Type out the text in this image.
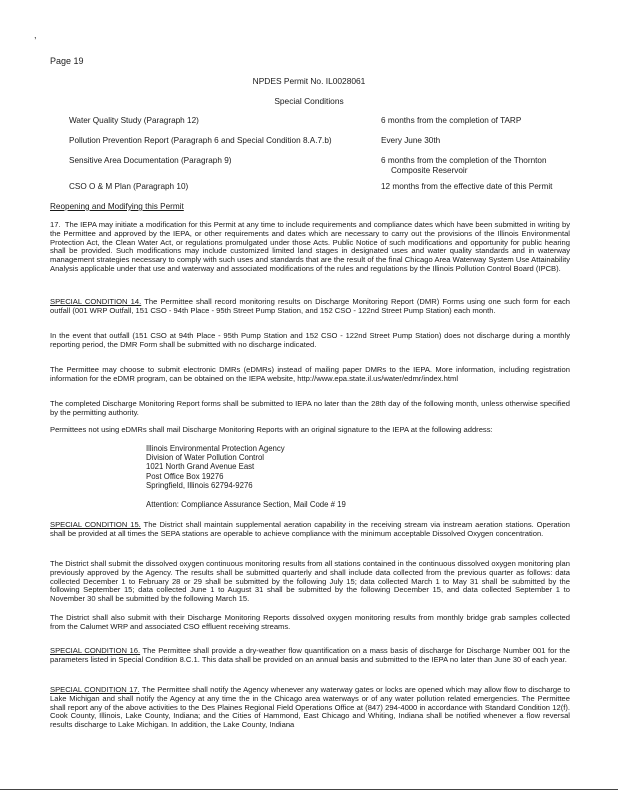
,
Page 19
NPDES Permit No. IL0028061
Special Conditions
Water Quality Study (Paragraph 12)	6 months from the completion of TARP
Pollution Prevention Report (Paragraph 6 and Special Condition 8.A.7.b)	Every June 30th
Sensitive Area Documentation (Paragraph 9)	6 months from the completion of the Thornton
Composite Reservoir
CSO O & M Plan (Paragraph 10)	12 months from the effective date of this Permit
Reopening and Modifying this Permit

17. The IEPA may initiate a modification for this Permit at any time to include requirements and compliance dates which have been submitted in writing by the Permittee and approved by the IEPA, or other requirements and dates which are necessary to carry out the provisions of the Illinois Environmental Protection Act, the Clean Water Act, or regulations promulgated under those Acts. Public Notice of such modifications and opportunity for public hearing shall be provided. Such modifications may include customized limited land stages in designated uses and water quality standards and in waterway management strategies necessary to comply with such uses and standards that are the result of the final Chicago Area Waterway System Use Attainability Analysis applicable under that use and waterway and associated modifications of the rules and regulations by the Illinois Pollution Control Board (IPCB).

SPECIAL CONDITION 14. The Permittee shall record monitoring results on Discharge Monitoring Report (DMR) Forms using one such form for each outfall (001 WRP Outfall, 151 CSO - 94th Place - 95th Street Pump Station, and 152 CSO - 122nd Street Pump Station) each month.

In the event that outfall (151 CSO at 94th Place - 95th Pump Station and 152 CSO - 122nd Street Pump Station) does not discharge during a monthly reporting period, the DMR Form shall be submitted with no discharge indicated.
The Permittee may choose to submit electronic DMRs (eDMRs) instead of mailing paper DMRs to the IEPA. More information, including registration information for the eDMR program, can be obtained on the IEPA website, http://www.epa.state.il.us/water/edmr/index.html
The completed Discharge Monitoring Report forms shall be submitted to IEPA no later than the 28th day of the following month, unless otherwise specified by the permitting authority.
Permittees not using eDMRs shall mail Discharge Monitoring Reports with an original signature to the IEPA at the following address:
Illinois Environmental Protection Agency
Division of Water Pollution Control
1021 North Grand Avenue East
Post Office Box 19276
Springfield, Illinois 62794-9276
Attention: Compliance Assurance Section, Mail Code # 19

SPECIAL CONDITION 15. The District shall maintain supplemental aeration capability in the receiving stream via instream aeration stations. Operation shall be provided at all times the SEPA stations are operable to achieve compliance with the minimum acceptable Dissolved Oxygen concentration.

The District shall submit the dissolved oxygen continuous monitoring results from all stations contained in the continuous dissolved oxygen monitoring plan previously approved by the Agency. The results shall be submitted quarterly and shall include data collected from the previous quarter as follows: data collected December 1 to February 28 or 29 shall be submitted by the following July 15; data collected March 1 to May 31 shall be submitted by the following September 15; data collected June 1 to August 31 shall be submitted by the following December 15, and data collected September 1 to November 30 shall be submitted by the following March 15.
The District shall also submit with their Discharge Monitoring Reports dissolved oxygen monitoring results from monthly bridge grab samples collected from the Calumet WRP and associated CSO effluent receiving streams.

SPECIAL CONDITION 16. The Permittee shall provide a dry-weather flow quantification on a mass basis of discharge for Discharge Number 001 for the parameters listed in Special Condition 8.C.1. This data shall be provided on an annual basis and submitted to the IEPA no later than June 30 of each year.

SPECIAL CONDITION 17. The Permittee shall notify the Agency whenever any waterway gates or locks are opened which may allow flow to discharge to Lake Michigan and shall notify the Agency at any time the in the Chicago area waterways or of any water pollution related emergencies. The Permittee shall report any of the above activities to the Des Plaines Regional Field Operations Office at (847) 294-4000 in accordance with Standard Condition 12(f). Cook County, Illinois, Lake County, Indiana; and the Cities of Hammond, East Chicago and Whiting, Indiana shall be notified whenever a flow reversal results discharge to Lake Michigan. In addition, the Lake County, Indiana
